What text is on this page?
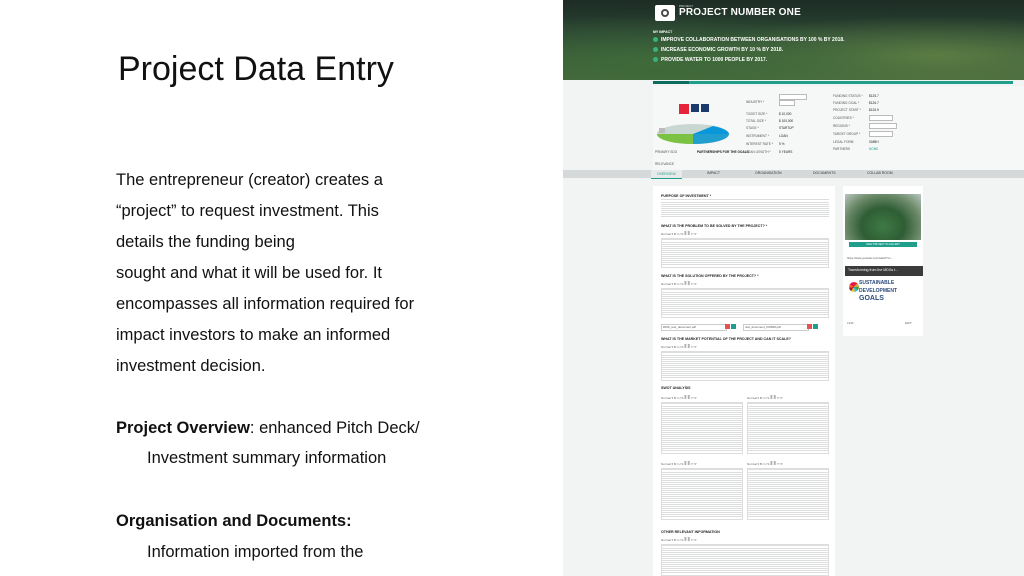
Project Data Entry
The entrepreneur (creator) creates a
“project” to request investment. This
details the funding being
sought and what it will be used for. It
encompasses all information required for
impact investors to make an informed
investment decision.
Project Overview: enhanced Pitch Deck/
Investment summary information
Organisation and Documents:
Information imported from the
PROJECT
PROJECT NUMBER ONE
MY IMPACT
IMPROVE COLLABORATION BETWEEN ORGANISATIONS BY 100 % BY 2018.
INCREASE ECONOMIC GROWTH BY 10 % BY 2018.
PROVIDE WATER TO 1000 PEOPLE BY 2017.
PRIMARY SDG	PARTNERSHIPS FOR THE GOALS
RELEVANCE
INDUSTRY *
TICKET SIZE *	$ 10,000
TOTAL SIZE *	$ 100,000
STAGE *	STARTUP
INSTRUMENT *	LOAN
INTEREST RATE * 5 %
LOAN LENGTH *	5 YEARS
FUNDING STATUS * $125.7
FUNDING GOAL *	$126.7
PROJECT START *	$126.9
COUNTRIES *
REGIONS *
TARGET GROUP *
LEGAL FORM	GMBH
PARTNERS	NONE
OVERVIEW	IMPACT	ORGANISATION	DOCUMENTS	COLLAB ROOM
PURPOSE OF INVESTMENT *
WHAT IS THE PROBLEM TO BE SOLVED BY THE PROJECT? *
Normal ▾ B I U S ≣ ≣ ⚯ T̸
WHAT IS THE SOLUTION OFFERED BY THE PROJECT? *
Normal ▾ B I U S ≣ ≣ ⚯ T̸
DMS_test_document.pdf	test_document_PdfMM.pdf
WHAT IS THE MARKET POTENTIAL OF THE PROJECT AND CAN IT SCALE?
Normal ▾ B I U S ≣ ≣ ⚯ T̸
SWOT ANALYSIS
Normal ▾ B I U S ≣ ≣ ⚯ T̸	Normal ▾ B I U S ≣ ≣ ⚯ T̸
Normal ▾ B I U S ≣ ≣ ⚯ T̸	Normal ▾ B I U S ≣ ≣ ⚯ T̸
OTHER RELEVANT INFORMATION
Normal ▾ B I U S ≣ ≣ ⚯ T̸
VIEW PROJECT IN GALLERY
https://www.youtube.com/watch?v=...
Transforming from the MDGs t...
SUSTAINABLE
DEVELOPMENT
GOALS
LINK	EDIT
